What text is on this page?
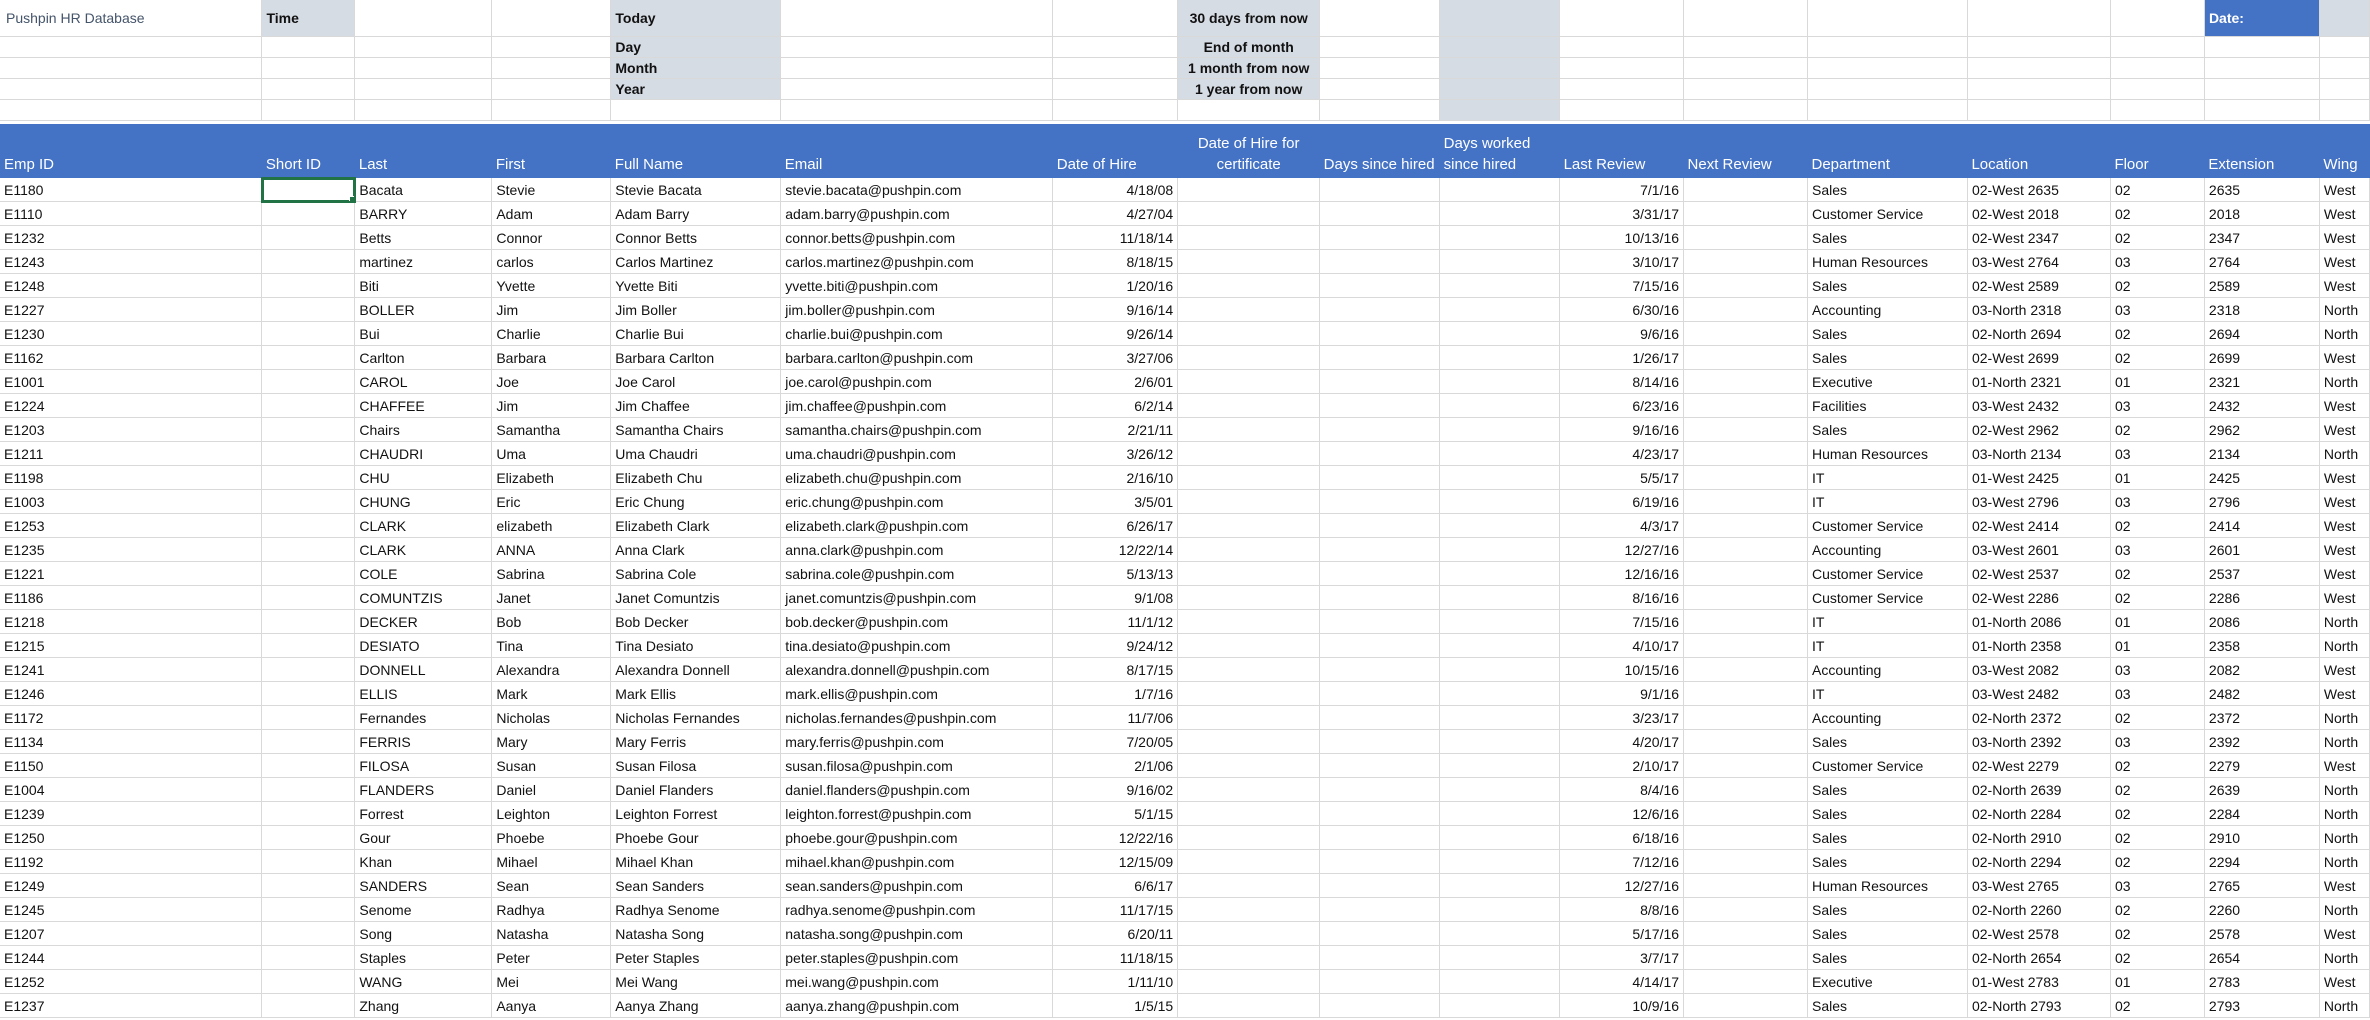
Pushpin HR Database	Time			Today			30 days from now								Date:	
				Day			End of month									
				Month			1 month from now									
				Year			1 year from now									

Emp ID	Short ID	Last	First	Full Name	Email	Date of Hire	Date of Hire for certificate	Days since hired	Days worked since hired	Last Review	Next Review	Department	Location	Floor	Extension	Wing
E1180		Bacata	Stevie	Stevie Bacata	stevie.bacata@pushpin.com	4/18/08				7/1/16		Sales	02-West 2635	02	2635	West
E1110		BARRY	Adam	Adam Barry	adam.barry@pushpin.com	4/27/04				3/31/17		Customer Service	02-West 2018	02	2018	West
E1232		Betts	Connor	Connor Betts	connor.betts@pushpin.com	11/18/14				10/13/16		Sales	02-West 2347	02	2347	West
E1243		martinez	carlos	Carlos Martinez	carlos.martinez@pushpin.com	8/18/15				3/10/17		Human Resources	03-West 2764	03	2764	West
E1248		Biti	Yvette	Yvette Biti	yvette.biti@pushpin.com	1/20/16				7/15/16		Sales	02-West 2589	02	2589	West
E1227		BOLLER	Jim	Jim Boller	jim.boller@pushpin.com	9/16/14				6/30/16		Accounting	03-North 2318	03	2318	North
E1230		Bui	Charlie	Charlie Bui	charlie.bui@pushpin.com	9/26/14				9/6/16		Sales	02-North 2694	02	2694	North
E1162		Carlton	Barbara	Barbara Carlton	barbara.carlton@pushpin.com	3/27/06				1/26/17		Sales	02-West 2699	02	2699	West
E1001		CAROL	Joe	Joe Carol	joe.carol@pushpin.com	2/6/01				8/14/16		Executive	01-North 2321	01	2321	North
E1224		CHAFFEE	Jim	Jim Chaffee	jim.chaffee@pushpin.com	6/2/14				6/23/16		Facilities	03-West 2432	03	2432	West
E1203		Chairs	Samantha	Samantha Chairs	samantha.chairs@pushpin.com	2/21/11				9/16/16		Sales	02-West 2962	02	2962	West
E1211		CHAUDRI	Uma	Uma Chaudri	uma.chaudri@pushpin.com	3/26/12				4/23/17		Human Resources	03-North 2134	03	2134	North
E1198		CHU	Elizabeth	Elizabeth Chu	elizabeth.chu@pushpin.com	2/16/10				5/5/17		IT	01-West 2425	01	2425	West
E1003		CHUNG	Eric	Eric Chung	eric.chung@pushpin.com	3/5/01				6/19/16		IT	03-West 2796	03	2796	West
E1253		CLARK	elizabeth	Elizabeth Clark	elizabeth.clark@pushpin.com	6/26/17				4/3/17		Customer Service	02-West 2414	02	2414	West
E1235		CLARK	ANNA	Anna Clark	anna.clark@pushpin.com	12/22/14				12/27/16		Accounting	03-West 2601	03	2601	West
E1221		COLE	Sabrina	Sabrina Cole	sabrina.cole@pushpin.com	5/13/13				12/16/16		Customer Service	02-West 2537	02	2537	West
E1186		COMUNTZIS	Janet	Janet Comuntzis	janet.comuntzis@pushpin.com	9/1/08				8/16/16		Customer Service	02-West 2286	02	2286	West
E1218		DECKER	Bob	Bob Decker	bob.decker@pushpin.com	11/1/12				7/15/16		IT	01-North 2086	01	2086	North
E1215		DESIATO	Tina	Tina Desiato	tina.desiato@pushpin.com	9/24/12				4/10/17		IT	01-North 2358	01	2358	North
E1241		DONNELL	Alexandra	Alexandra Donnell	alexandra.donnell@pushpin.com	8/17/15				10/15/16		Accounting	03-West 2082	03	2082	West
E1246		ELLIS	Mark	Mark Ellis	mark.ellis@pushpin.com	1/7/16				9/1/16		IT	03-West 2482	03	2482	West
E1172		Fernandes	Nicholas	Nicholas Fernandes	nicholas.fernandes@pushpin.com	11/7/06				3/23/17		Accounting	02-North 2372	02	2372	North
E1134		FERRIS	Mary	Mary Ferris	mary.ferris@pushpin.com	7/20/05				4/20/17		Sales	03-North 2392	03	2392	North
E1150		FILOSA	Susan	Susan Filosa	susan.filosa@pushpin.com	2/1/06				2/10/17		Customer Service	02-West 2279	02	2279	West
E1004		FLANDERS	Daniel	Daniel Flanders	daniel.flanders@pushpin.com	9/16/02				8/4/16		Sales	02-North 2639	02	2639	North
E1239		Forrest	Leighton	Leighton Forrest	leighton.forrest@pushpin.com	5/1/15				12/6/16		Sales	02-North 2284	02	2284	North
E1250		Gour	Phoebe	Phoebe Gour	phoebe.gour@pushpin.com	12/22/16				6/18/16		Sales	02-North 2910	02	2910	North
E1192		Khan	Mihael	Mihael Khan	mihael.khan@pushpin.com	12/15/09				7/12/16		Sales	02-North 2294	02	2294	North
E1249		SANDERS	Sean	Sean Sanders	sean.sanders@pushpin.com	6/6/17				12/27/16		Human Resources	03-West 2765	03	2765	West
E1245		Senome	Radhya	Radhya Senome	radhya.senome@pushpin.com	11/17/15				8/8/16		Sales	02-North 2260	02	2260	North
E1207		Song	Natasha	Natasha Song	natasha.song@pushpin.com	6/20/11				5/17/16		Sales	02-West 2578	02	2578	West
E1244		Staples	Peter	Peter Staples	peter.staples@pushpin.com	11/18/15				3/7/17		Sales	02-North 2654	02	2654	North
E1252		WANG	Mei	Mei Wang	mei.wang@pushpin.com	1/11/10				4/14/17		Executive	01-West 2783	01	2783	West
E1237		Zhang	Aanya	Aanya Zhang	aanya.zhang@pushpin.com	1/5/15				10/9/16		Sales	02-North 2793	02	2793	North
